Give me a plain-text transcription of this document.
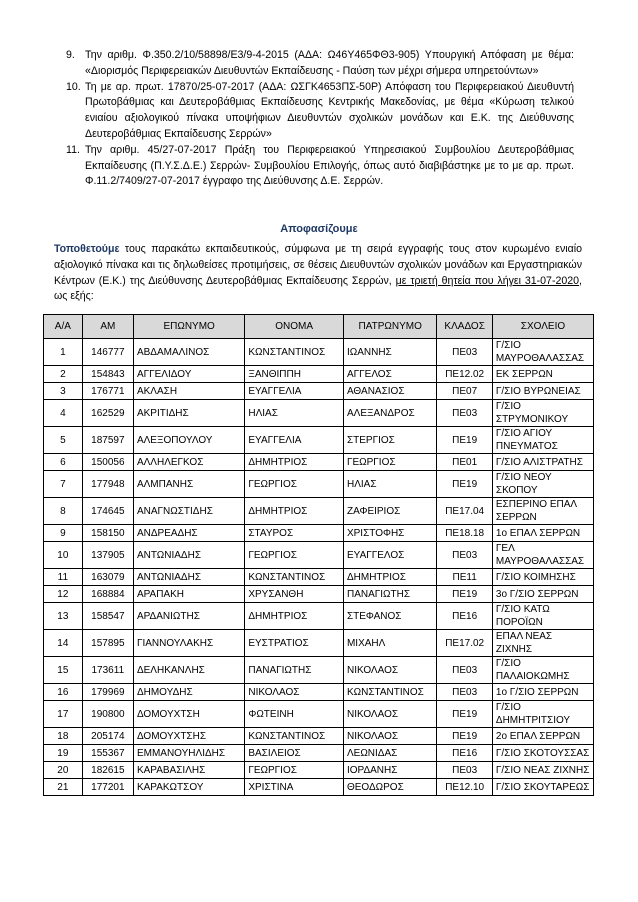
9. Την αριθμ. Φ.350.2/10/58898/Ε3/9-4-2015 (ΑΔΑ: Ω46Υ465ΦΘ3-905) Υπουργική Απόφαση με θέμα: «Διορισμός Περιφερειακών Διευθυντών Εκπαίδευσης - Παύση των μέχρι σήμερα υπηρετούντων»
10. Τη με αρ. πρωτ. 17870/25-07-2017 (ΑΔΑ: ΩΣΓΚ4653ΠΣ-50Ρ) Απόφαση του Περιφερειακού Διευθυντή Πρωτοβάθμιας και Δευτεροβάθμιας Εκπαίδευσης Κεντρικής Μακεδονίας, με θέμα «Κύρωση τελικού ενιαίου αξιολογικού πίνακα υποψήφιων Διευθυντών σχολικών μονάδων και Ε.Κ. της Διεύθυνσης Δευτεροβάθμιας Εκπαίδευσης Σερρών»
11. Την αριθμ. 45/27-07-2017 Πράξη του Περιφερειακού Υπηρεσιακού Συμβουλίου Δευτεροβάθμιας Εκπαίδευσης (Π.Υ.Σ.Δ.Ε.) Σερρών- Συμβουλίου Επιλογής, όπως αυτό διαβιβάστηκε με το με αρ. πρωτ. Φ.11.2/7409/27-07-2017 έγγραφο της Διεύθυνσης Δ.Ε. Σερρών.
Αποφασίζουμε
Τοποθετούμε τους παρακάτω εκπαιδευτικούς, σύμφωνα με τη σειρά εγγραφής τους στον κυρωμένο ενιαίο αξιολογικό πίνακα και τις δηλωθείσες προτιμήσεις, σε θέσεις Διευθυντών σχολικών μονάδων και Εργαστηριακών Κέντρων (Ε.Κ.) της Διεύθυνσης Δευτεροβάθμιας Εκπαίδευσης Σερρών, με τριετή θητεία που λήγει 31-07-2020, ως εξής:
Α/Α	ΑΜ	ΕΠΩΝΥΜΟ	ΟΝΟΜΑ	ΠΑΤΡΩΝΥΜΟ	ΚΛΑΔΟΣ	ΣΧΟΛΕΙΟ
1	146777	ΑΒΔΑΜΑΛΙΝΟΣ	ΚΩΝΣΤΑΝΤΙΝΟΣ	ΙΩΑΝΝΗΣ	ΠΕ03	Γ/ΣΙΟ ΜΑΥΡΟΘΑΛΑΣΣΑΣ
2	154843	ΑΓΓΕΛΙΔΟΥ	ΞΑΝΘΙΠΠΗ	ΑΓΓΕΛΟΣ	ΠΕ12.02	ΕΚ ΣΕΡΡΩΝ
3	176771	ΑΚΛΑΣΗ	ΕΥΑΓΓΕΛΙΑ	ΑΘΑΝΑΣΙΟΣ	ΠΕ07	Γ/ΣΙΟ ΒΥΡΩΝΕΙΑΣ
4	162529	ΑΚΡΙΤΙΔΗΣ	ΗΛΙΑΣ	ΑΛΕΞΑΝΔΡΟΣ	ΠΕ03	Γ/ΣΙΟ ΣΤΡΥΜΟΝΙΚΟΥ
5	187597	ΑΛΕΞΟΠΟΥΛΟΥ	ΕΥΑΓΓΕΛΙΑ	ΣΤΕΡΓΙΟΣ	ΠΕ19	Γ/ΣΙΟ ΑΓΙΟΥ ΠΝΕΥΜΑΤΟΣ
6	150056	ΑΛΛΗΛΕΓΚΟΣ	ΔΗΜΗΤΡΙΟΣ	ΓΕΩΡΓΙΟΣ	ΠΕ01	Γ/ΣΙΟ ΑΛΙΣΤΡΑΤΗΣ
7	177948	ΑΛΜΠΑΝΗΣ	ΓΕΩΡΓΙΟΣ	ΗΛΙΑΣ	ΠΕ19	Γ/ΣΙΟ ΝΕΟΥ ΣΚΟΠΟΥ
8	174645	ΑΝΑΓΝΩΣΤΙΔΗΣ	ΔΗΜΗΤΡΙΟΣ	ΖΑΦΕΙΡΙΟΣ	ΠΕ17.04	ΕΣΠΕΡΙΝΟ ΕΠΑΛ ΣΕΡΡΩΝ
9	158150	ΑΝΔΡΕΑΔΗΣ	ΣΤΑΥΡΟΣ	ΧΡΙΣΤΟΦΗΣ	ΠΕ18.18	1ο ΕΠΑΛ ΣΕΡΡΩΝ
10	137905	ΑΝΤΩΝΙΑΔΗΣ	ΓΕΩΡΓΙΟΣ	ΕΥΑΓΓΕΛΟΣ	ΠΕ03	ΓΕΛ ΜΑΥΡΟΘΑΛΑΣΣΑΣ
11	163079	ΑΝΤΩΝΙΑΔΗΣ	ΚΩΝΣΤΑΝΤΙΝΟΣ	ΔΗΜΗΤΡΙΟΣ	ΠΕ11	Γ/ΣΙΟ ΚΟΙΜΗΣΗΣ
12	168884	ΑΡΑΠΑΚΗ	ΧΡΥΣΑΝΘΗ	ΠΑΝΑΓΙΩΤΗΣ	ΠΕ19	3ο Γ/ΣΙΟ ΣΕΡΡΩΝ
13	158547	ΑΡΔΑΝΙΩΤΗΣ	ΔΗΜΗΤΡΙΟΣ	ΣΤΕΦΑΝΟΣ	ΠΕ16	Γ/ΣΙΟ ΚΑΤΩ ΠΟΡΟΪΩΝ
14	157895	ΓΙΑΝΝΟΥΛΑΚΗΣ	ΕΥΣΤΡΑΤΙΟΣ	ΜΙΧΑΗΛ	ΠΕ17.02	ΕΠΑΛ ΝΕΑΣ ΖΙΧΝΗΣ
15	173611	ΔΕΛΗΚΑΝΛΗΣ	ΠΑΝΑΓΙΩΤΗΣ	ΝΙΚΟΛΑΟΣ	ΠΕ03	Γ/ΣΙΟ ΠΑΛΑΙΟΚΩΜΗΣ
16	179969	ΔΗΜΟΥΔΗΣ	ΝΙΚΟΛΑΟΣ	ΚΩΝΣΤΑΝΤΙΝΟΣ	ΠΕ03	1ο Γ/ΣΙΟ ΣΕΡΡΩΝ
17	190800	ΔΟΜΟΥΧΤΣΗ	ΦΩΤΕΙΝΗ	ΝΙΚΟΛΑΟΣ	ΠΕ19	Γ/ΣΙΟ ΔΗΜΗΤΡΙΤΣΙΟΥ
18	205174	ΔΟΜΟΥΧΤΣΗΣ	ΚΩΝΣΤΑΝΤΙΝΟΣ	ΝΙΚΟΛΑΟΣ	ΠΕ19	2ο ΕΠΑΛ ΣΕΡΡΩΝ
19	155367	ΕΜΜΑΝΟΥΗΛΙΔΗΣ	ΒΑΣΙΛΕΙΟΣ	ΛΕΩΝΙΔΑΣ	ΠΕ16	Γ/ΣΙΟ ΣΚΟΤΟΥΣΣΑΣ
20	182615	ΚΑΡΑΒΑΣΙΛΗΣ	ΓΕΩΡΓΙΟΣ	ΙΟΡΔΑΝΗΣ	ΠΕ03	Γ/ΣΙΟ ΝΕΑΣ ΖΙΧΝΗΣ
21	177201	ΚΑΡΑΚΩΤΣΟΥ	ΧΡΙΣΤΙΝΑ	ΘΕΟΔΩΡΟΣ	ΠΕ12.10	Γ/ΣΙΟ ΣΚΟΥΤΑΡΕΩΣ
